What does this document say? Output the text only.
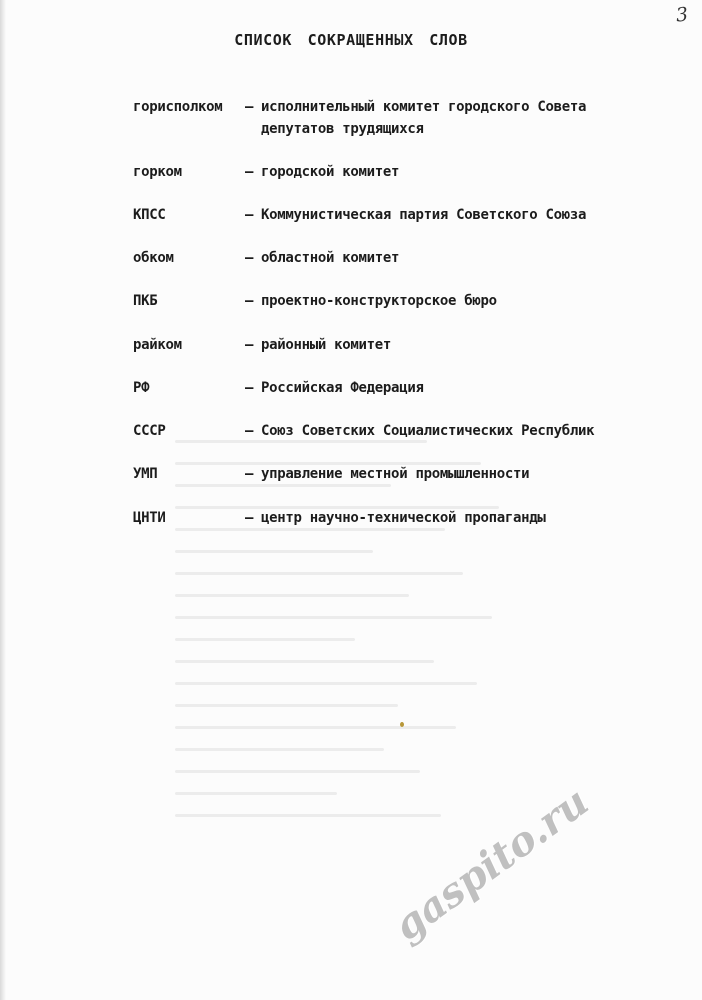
3
СПИСОК СОКРАЩЕННЫХ СЛОВ
горисполком	– исполнительный комитет городского Совета депутатов трудящихся
горком	– городской комитет
КПСС	– Коммунистическая партия Советского Союза
обком	– областной комитет
ПКБ	– проектно-конструкторское бюро
райком	– районный комитет
РФ	– Российская Федерация
СССР	– Союз Советских Социалистических Республик
УМП	– управление местной промышленности
ЦНТИ	– центр научно-технической пропаганды
gaspito.ru
